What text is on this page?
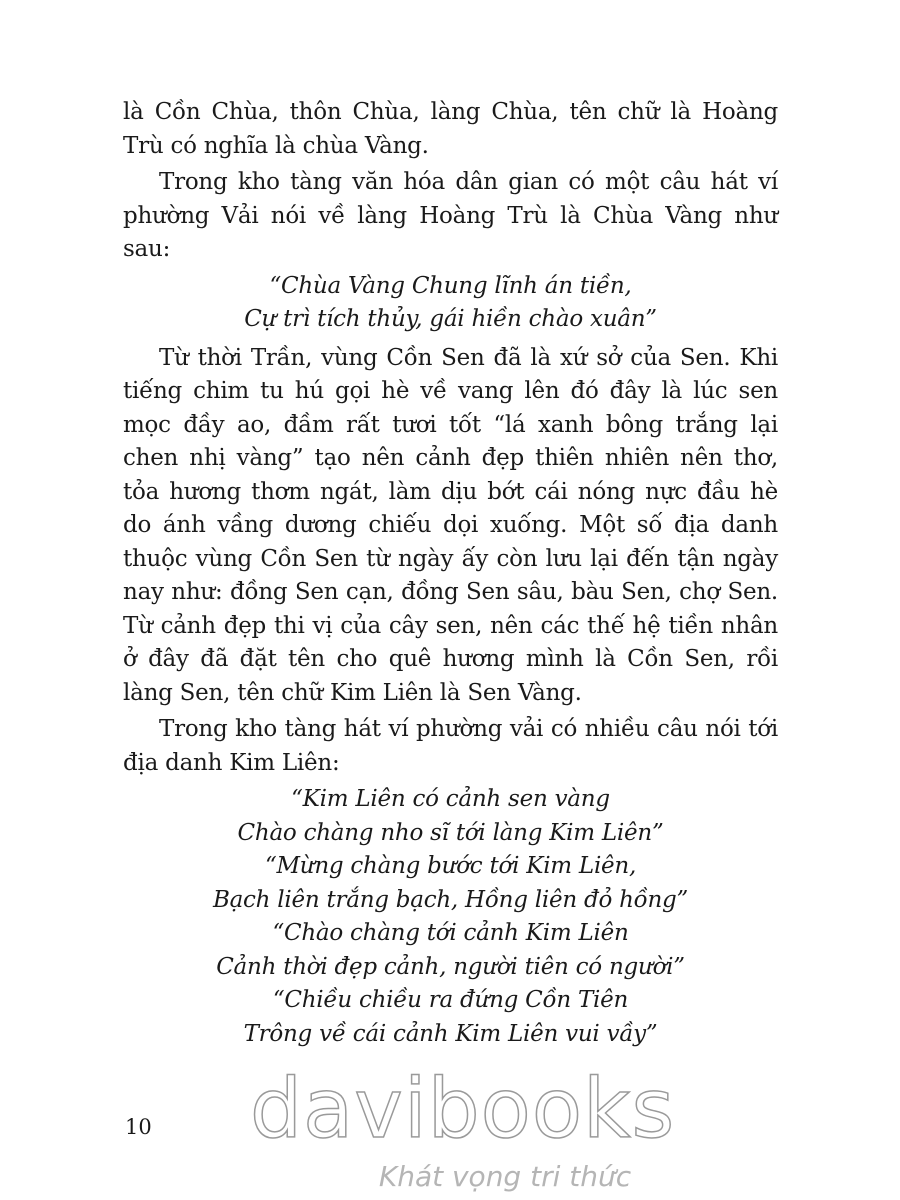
là Cồn Chùa, thôn Chùa, làng Chùa, tên chữ là Hoàng Trù có nghĩa là chùa Vàng.

Trong kho tàng văn hóa dân gian có một câu hát ví phường Vải nói về làng Hoàng Trù là Chùa Vàng như sau:

“Chùa Vàng Chung lĩnh án tiền,
Cự trì tích thủy, gái hiền chào xuân”

Từ thời Trần, vùng Cồn Sen đã là xứ sở của Sen. Khi tiếng chim tu hú gọi hè về vang lên đó đây là lúc sen mọc đầy ao, đầm rất tươi tốt “lá xanh bông trắng lại chen nhị vàng” tạo nên cảnh đẹp thiên nhiên nên thơ, tỏa hương thơm ngát, làm dịu bớt cái nóng nực đầu hè do ánh vầng dương chiếu dọi xuống. Một số địa danh thuộc vùng Cồn Sen từ ngày ấy còn lưu lại đến tận ngày nay như: đồng Sen cạn, đồng Sen sâu, bàu Sen, chợ Sen. Từ cảnh đẹp thi vị của cây sen, nên các thế hệ tiền nhân ở đây đã đặt tên cho quê hương mình là Cồn Sen, rồi làng Sen, tên chữ Kim Liên là Sen Vàng.

Trong kho tàng hát ví phường vải có nhiều câu nói tới địa danh Kim Liên:

“Kim Liên có cảnh sen vàng
Chào chàng nho sĩ tới làng Kim Liên”
“Mừng chàng bước tới Kim Liên,
Bạch liên trắng bạch, Hồng liên đỏ hồng”
“Chào chàng tới cảnh Kim Liên
Cảnh thời đẹp cảnh, người tiên có người”
“Chiều chiều ra đứng Cồn Tiên
Trông về cái cảnh Kim Liên vui vầy”
10 davibooks
Khát vọng tri thức
